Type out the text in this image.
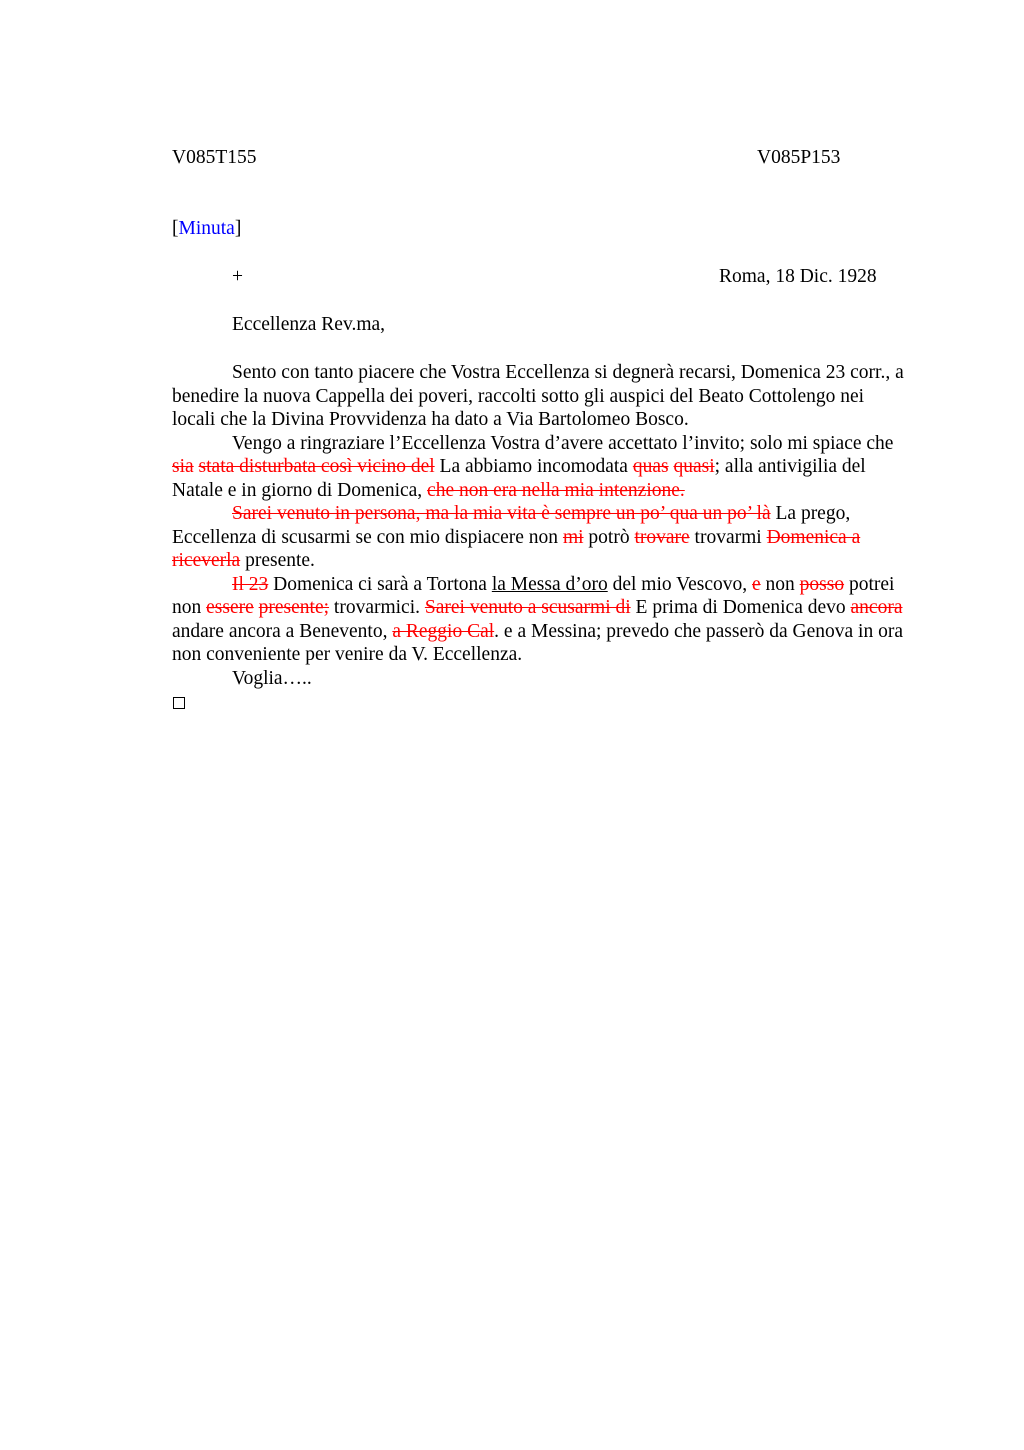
V085T155	V085P153
[Minuta]
+	Roma, 18 Dic. 1928
Eccellenza Rev.ma,

Sento con tanto piacere che Vostra Eccellenza si degnerà recarsi, Domenica 23 corr., a benedire la nuova Cappella dei poveri, raccolti sotto gli auspici del Beato Cottolengo nei locali che la Divina Provvidenza ha dato a Via Bartolomeo Bosco.

Vengo a ringraziare l’Eccellenza Vostra d’avere accettato l’invito; solo mi spiace che sia stata disturbata così vicino del La abbiamo incomodata quas quasi; alla antivigilia del Natale e in giorno di Domenica, che non era nella mia intenzione.

Sarei venuto in persona, ma la mia vita è sempre un po’ qua un po’ là La prego, Eccellenza di scusarmi se con mio dispiacere non mi potrò trovare trovarmi Domenica a riceverla presente.

Il 23 Domenica ci sarà a Tortona la Messa d’oro del mio Vescovo, e non posso potrei non essere presente; trovarmici. Sarei venuto a scusarmi di E prima di Domenica devo ancora andare ancora a Benevento, a Reggio Cal. e a Messina; prevedo che passerò da Genova in ora non conveniente per venire da V. Eccellenza.

Voglia…..
